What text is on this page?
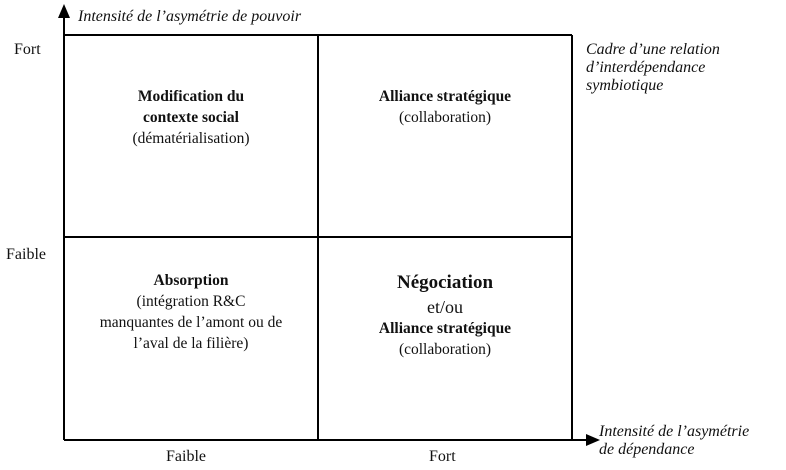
Intensité de l’asymétrie de pouvoir
Fort
Faible
Cadre d’une relation
d’interdépendance
symbiotique
Intensité de l’asymétrie
de dépendance
Faible	Fort
Modification du
contexte social
(dématérialisation)
Alliance stratégique
(collaboration)
Absorption
(intégration R&C
manquantes de l’amont ou de
l’aval de la filière)
Négociation
et/ou
Alliance stratégique
(collaboration)
